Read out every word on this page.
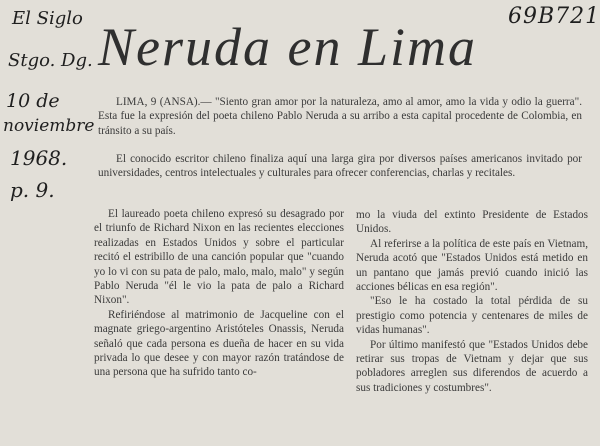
El Siglo
Stgo. Dg.
10 de
noviembre
1968.
p. 9.
69B721
Neruda en Lima
LIMA, 9 (ANSA).— "Siento gran amor por la naturaleza, amo al amor, amo la vida y odio la guerra". Esta fue la expresión del poeta chileno Pablo Neruda a su arribo a esta capital procedente de Colombia, en tránsito a su país.
El conocido escritor chileno finaliza aquí una larga gira por diversos países americanos invitado por universidades, centros intelectuales y culturales para ofrecer conferencias, charlas y recitales.

El laureado poeta chileno expresó su desagrado por el triunfo de Richard Nixon en las recientes elecciones realizadas en Estados Unidos y sobre el particular recitó el estribillo de una canción popular que "cuando yo lo vi con su pata de palo, malo, malo, malo" y según Pablo Neruda "él le vio la pata de palo a Richard Nixon".

Refiriéndose al matrimonio de Jacqueline con el magnate griego-argentino Aristóteles Onassis, Neruda señaló que cada persona es dueña de hacer en su vida privada lo que desee y con mayor razón tratándose de una persona que ha sufrido tanto co-

mo la viuda del extinto Presidente de Estados Unidos.

Al referirse a la política de este país en Vietnam, Neruda acotó que "Estados Unidos está metido en un pantano que jamás previó cuando inició las acciones bélicas en esa región".

"Eso le ha costado la total pérdida de su prestigio como potencia y centenares de miles de vidas humanas".

Por último manifestó que "Estados Unidos debe retirar sus tropas de Vietnam y dejar que sus pobladores arreglen sus diferendos de acuerdo a sus tradiciones y costumbres".
